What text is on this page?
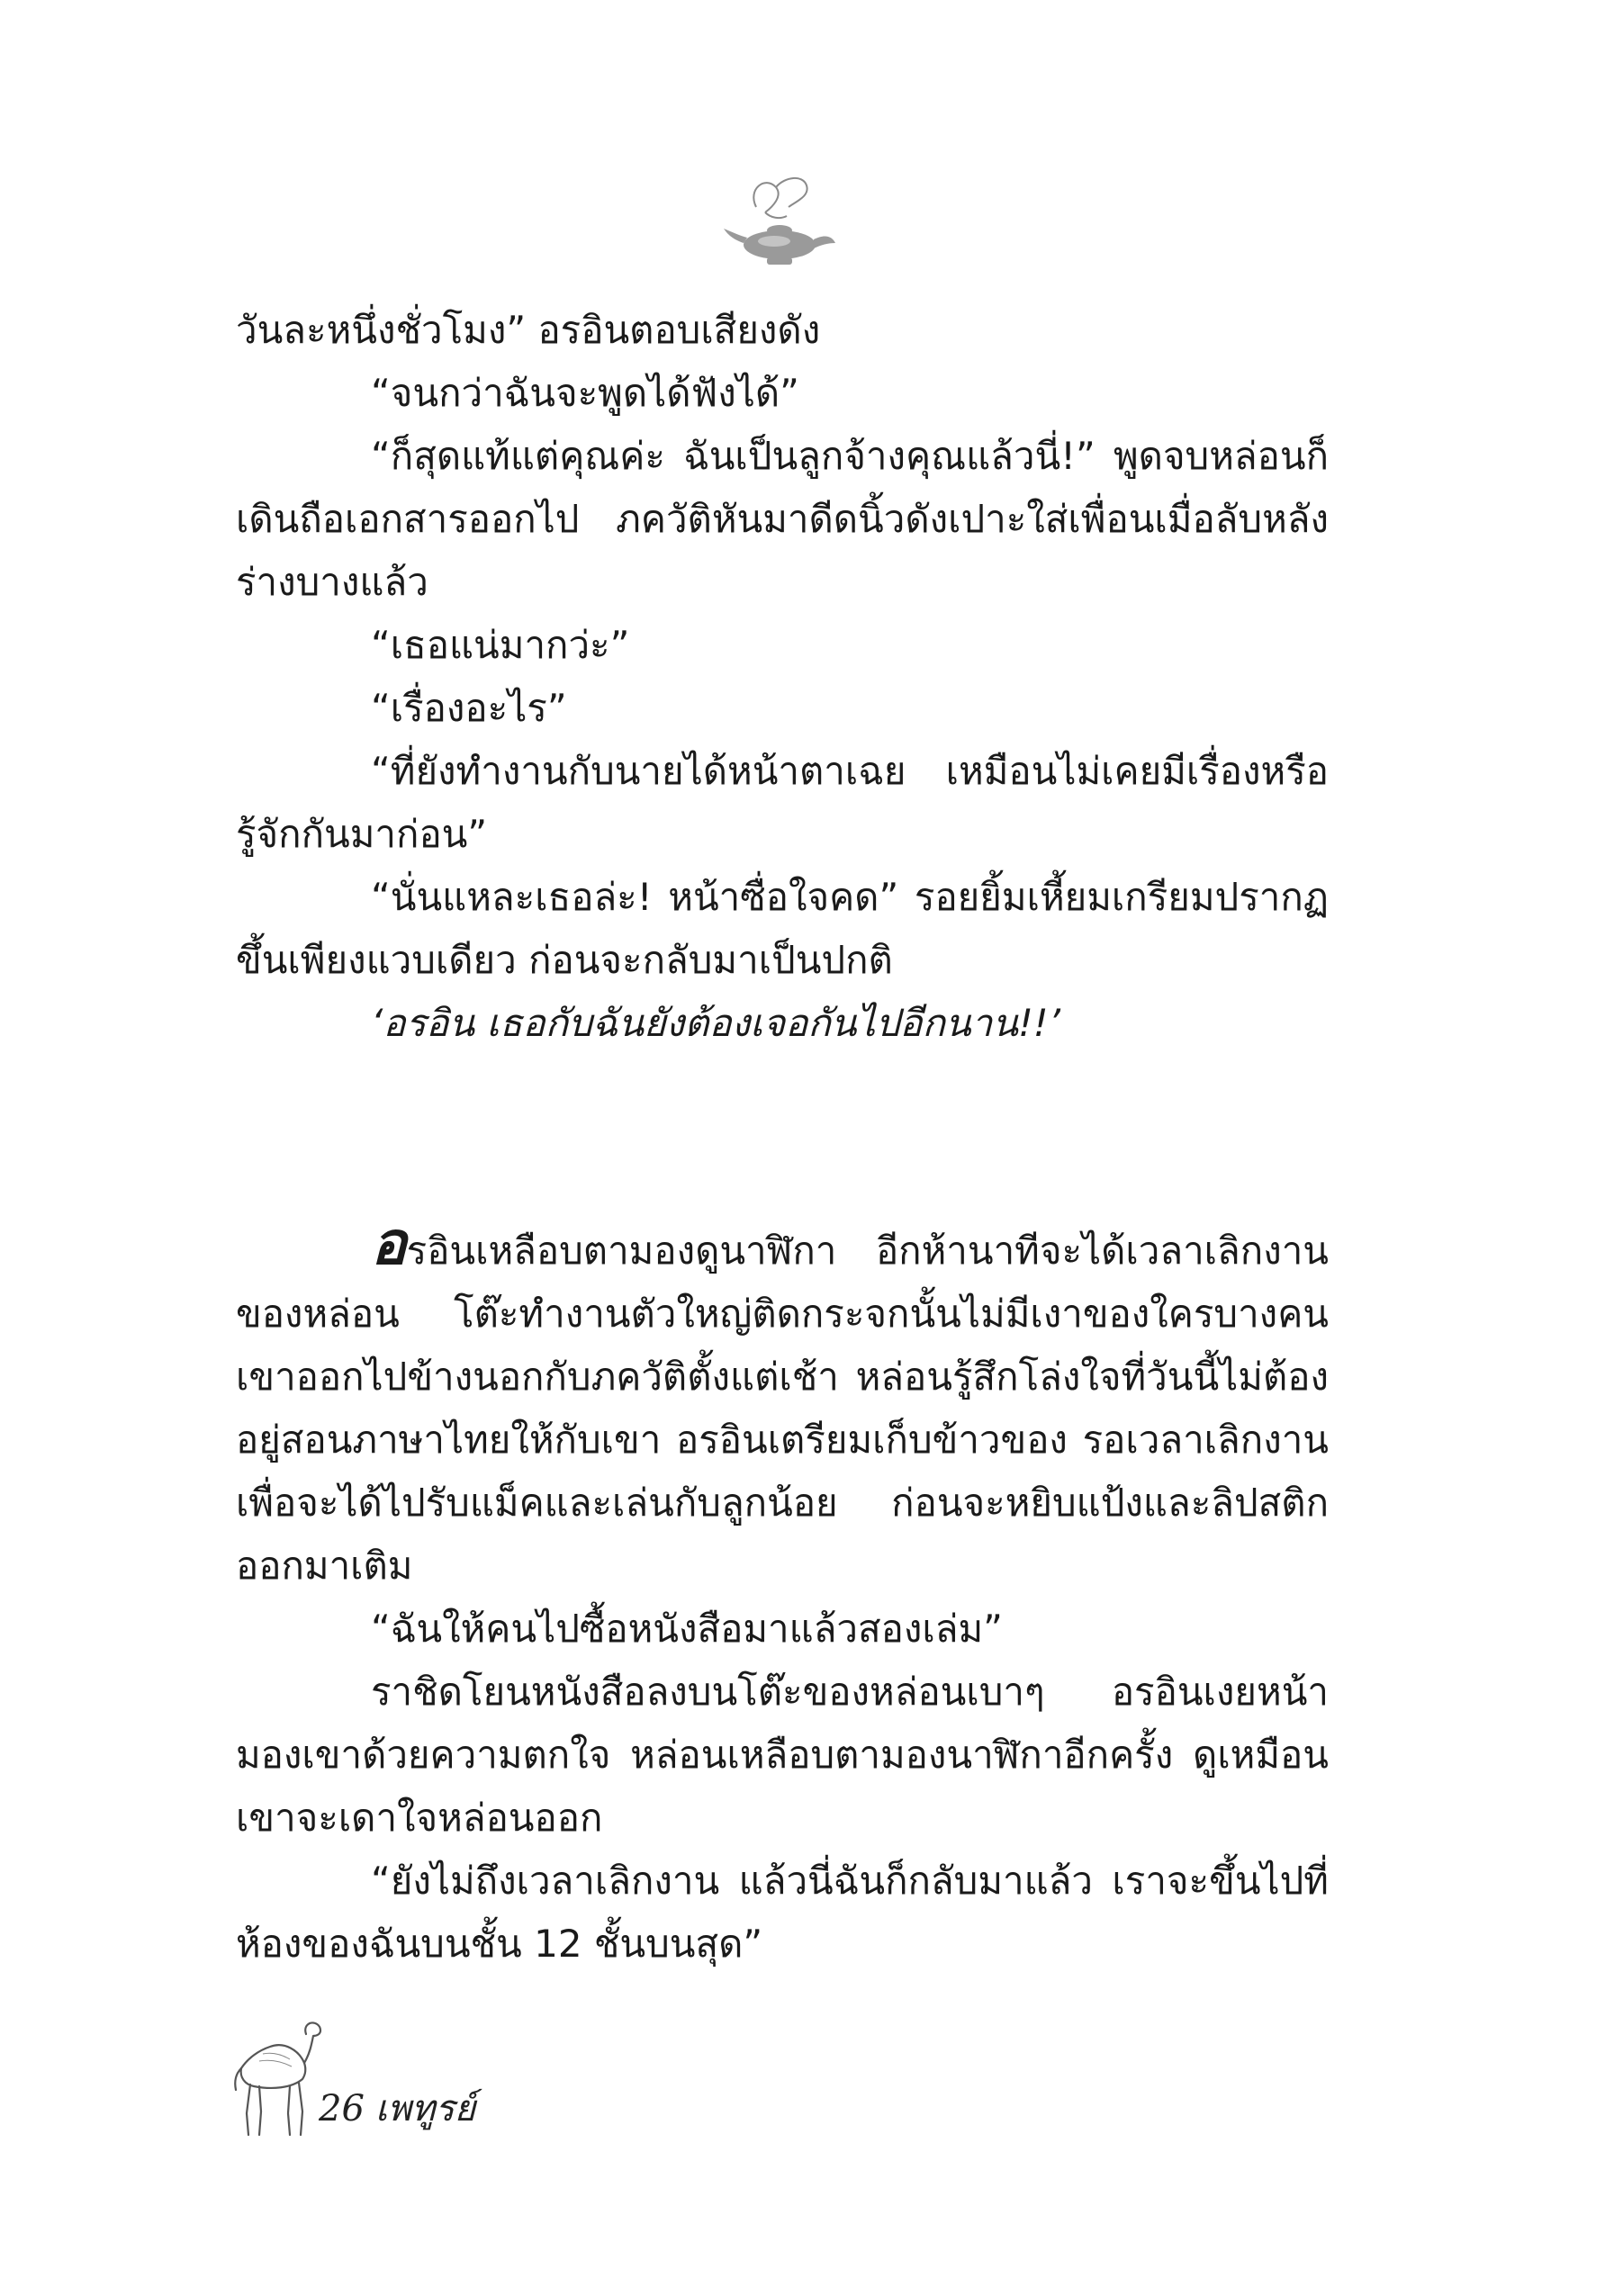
วันละหนึ่งชั่วโมง” อรอินตอบเสียงดัง

“จนกว่าฉันจะพูดได้ฟังได้”

“ก็สุดแท้แต่คุณค่ะ ฉันเป็นลูกจ้างคุณแล้วนี่!” พูดจบหล่อนก็เดินถือเอกสารออกไป ภควัติหันมาดีดนิ้วดังเปาะใส่เพื่อนเมื่อลับหลังร่างบางแล้ว

“เธอแน่มากว่ะ”

“เรื่องอะไร”

“ที่ยังทำงานกับนายได้หน้าตาเฉย เหมือนไม่เคยมีเรื่องหรือรู้จักกันมาก่อน”

“นั่นแหละเธอล่ะ! หน้าซื่อใจคด” รอยยิ้มเหี้ยมเกรียมปรากฏขึ้นเพียงแวบเดียว ก่อนจะกลับมาเป็นปกติ

‘อรอิน เธอกับฉันยังต้องเจอกันไปอีกนาน!!’

อรอินเหลือบตามองดูนาฬิกา อีกห้านาทีจะได้เวลาเลิกงานของหล่อน โต๊ะทำงานตัวใหญ่ติดกระจกนั้นไม่มีเงาของใครบางคน เขาออกไปข้างนอกกับภควัติตั้งแต่เช้า หล่อนรู้สึกโล่งใจที่วันนี้ไม่ต้องอยู่สอนภาษาไทยให้กับเขา อรอินเตรียมเก็บข้าวของ รอเวลาเลิกงานเพื่อจะได้ไปรับแม็คและเล่นกับลูกน้อย ก่อนจะหยิบแป้งและลิปสติกออกมาเติม

“ฉันให้คนไปซื้อหนังสือมาแล้วสองเล่ม”

ราชิดโยนหนังสือลงบนโต๊ะของหล่อนเบาๆ อรอินเงยหน้ามองเขาด้วยความตกใจ หล่อนเหลือบตามองนาฬิกาอีกครั้ง ดูเหมือนเขาจะเดาใจหล่อนออก

“ยังไม่ถึงเวลาเลิกงาน แล้วนี่ฉันก็กลับมาแล้ว เราจะขึ้นไปที่ห้องของฉันบนชั้น 12 ชั้นบนสุด”

26 เพทูรย์
